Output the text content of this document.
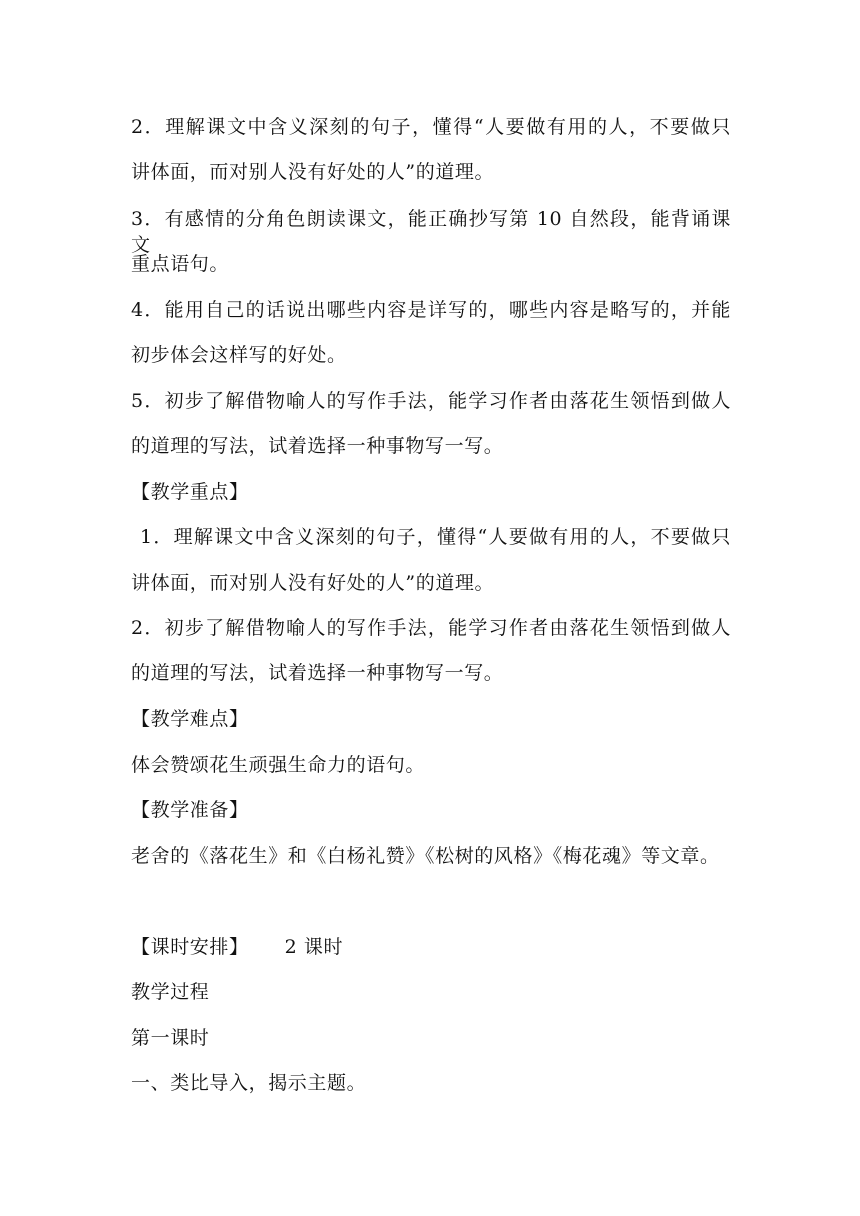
2．理解课文中含义深刻的句子，懂得“人要做有用的人，不要做只
讲体面，而对别人没有好处的人”的道理。
3．有感情的分角色朗读课文，能正确抄写第 10 自然段，能背诵课文
重点语句。
4．能用自己的话说出哪些内容是详写的，哪些内容是略写的，并能
初步体会这样写的好处。
5．初步了解借物喻人的写作手法，能学习作者由落花生领悟到做人
的道理的写法，试着选择一种事物写一写。
【教学重点】
1．理解课文中含义深刻的句子，懂得“人要做有用的人，不要做只
讲体面，而对别人没有好处的人”的道理。
2．初步了解借物喻人的写作手法，能学习作者由落花生领悟到做人
的道理的写法，试着选择一种事物写一写。
【教学难点】
体会赞颂花生顽强生命力的语句。
【教学准备】
老舍的《落花生》和《白杨礼赞》《松树的风格》《梅花魂》等文章。
【课时安排】 2 课时
教学过程
第一课时
一、类比导入，揭示主题。
